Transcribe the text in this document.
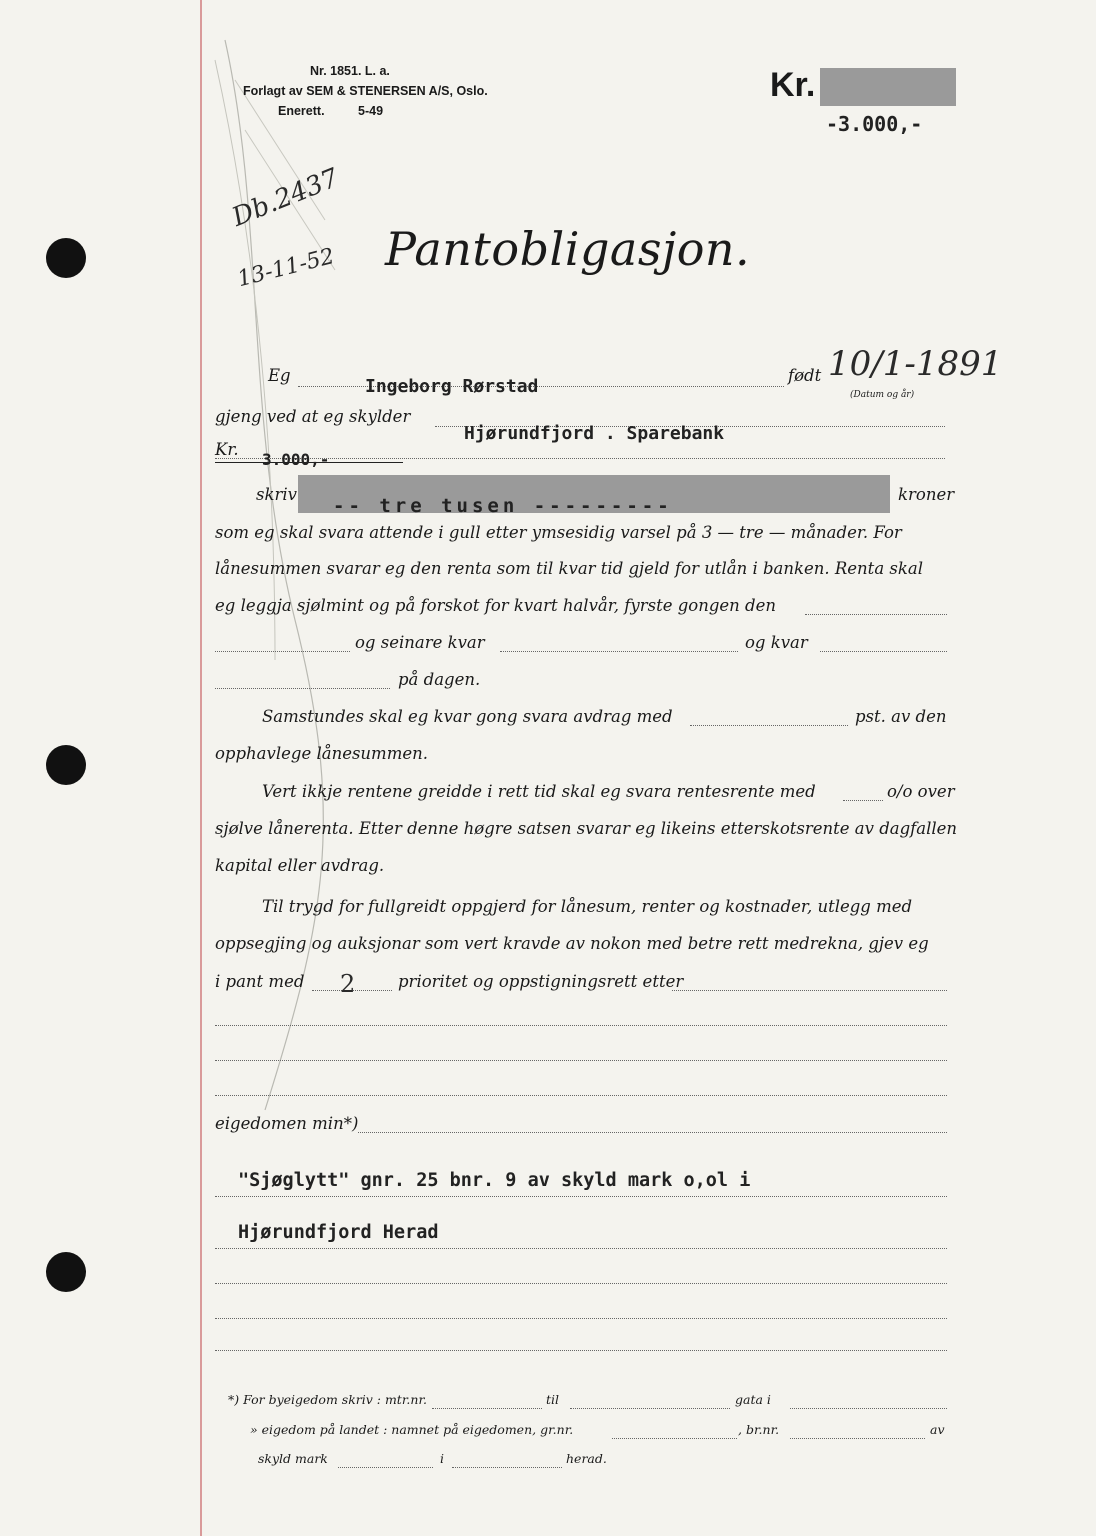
Nr. 1851. L. a.
Forlagt av SEM & STENERSEN A/S, Oslo.
Enerett.	5-49
Kr.
-3.000,-
Db.2437
13-11-52 Pantobligasjon.
Eg
Ingeborg Rørstad
født 10/1-1891
(Datum og år)
gjeng ved at eg skylder
Hjørundfjord . Sparebank
Kr.
3.000,-
skriv
-- tre tusen ---------
kroner
som eg skal svara attende i gull etter ymsesidig varsel på 3 — tre — månader. For
lånesummen svarar eg den renta som til kvar tid gjeld for utlån i banken. Renta skal
eg leggja sjølmint og på forskot for kvart halvår, fyrste gongen den
og seinare kvar	og kvar
på dagen.
Samstundes skal eg kvar gong svara avdrag med	pst. av den
opphavlege lånesummen.
Vert ikkje rentene greidde i rett tid skal eg svara rentesrente med	o/o over
sjølve lånerenta. Etter denne høgre satsen svarar eg likeins etterskotsrente av dagfallen
kapital eller avdrag.
Til trygd for fullgreidt oppgjerd for lånesum, renter og kostnader, utlegg med
oppsegjing og auksjonar som vert kravde av nokon med betre rett medrekna, gjev eg
i pant med 2	prioritet og oppstigningsrett etter
eigedomen min*)
"Sjøglytt" gnr. 25 bnr. 9 av skyld mark o,ol i
Hjørundfjord Herad
*) For byeigedom skriv : mtr.nr.	til	gata i
» eigedom på landet : namnet på eigedomen, gr.nr.	, br.nr.	av
skyld mark	i	herad.
